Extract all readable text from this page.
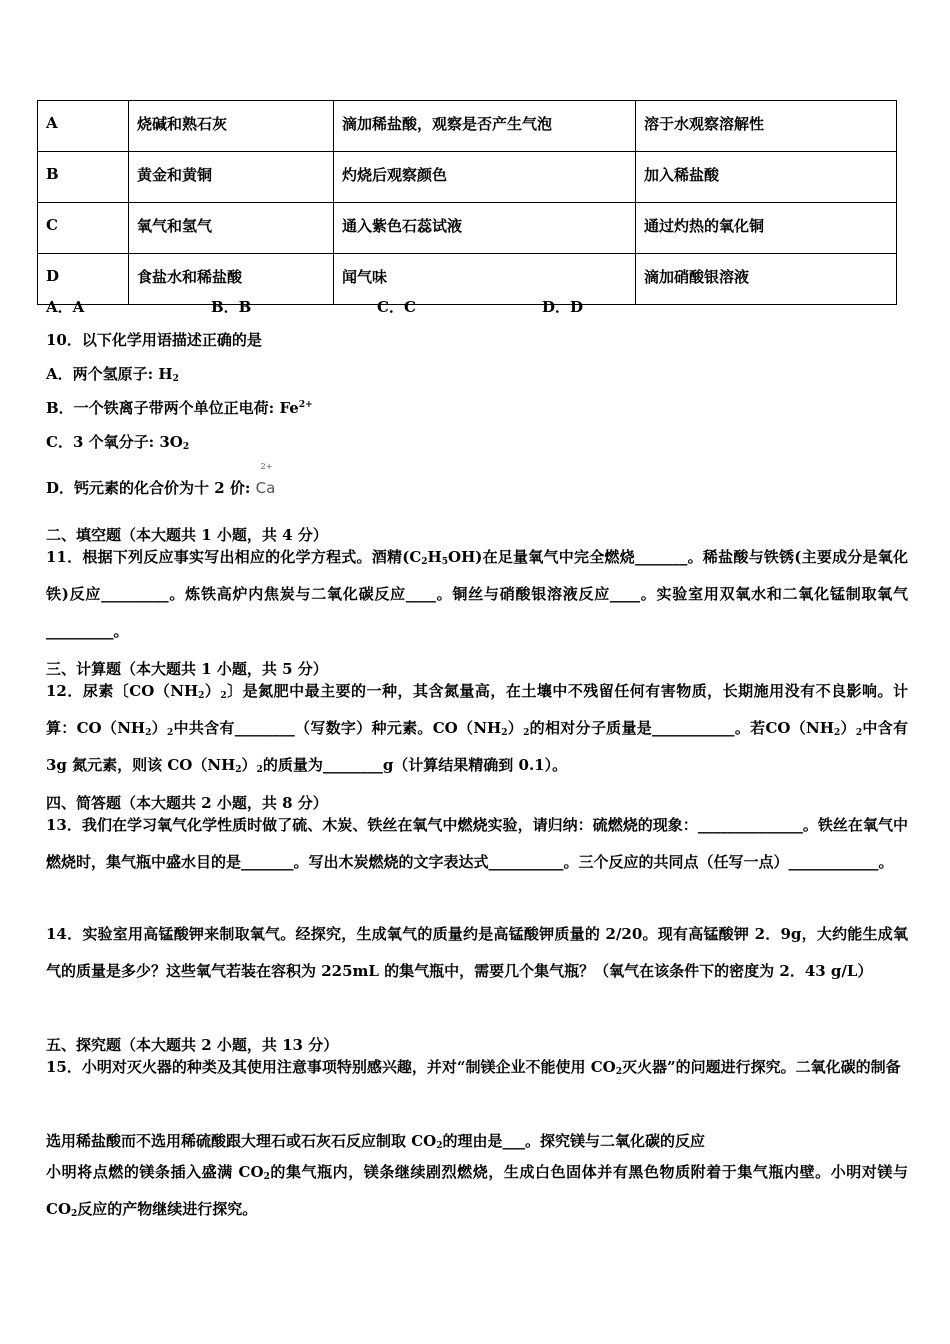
A	烧碱和熟石灰	滴加稀盐酸，观察是否产生气泡	溶于水观察溶解性
B	黄金和黄铜	灼烧后观察颜色	加入稀盐酸
C	氧气和氢气	通入紫色石蕊试液	通过灼热的氧化铜
D	食盐水和稀盐酸	闻气味	滴加硝酸银溶液
A．A	B．B	C．C	D．D
10．以下化学用语描述正确的是
A．两个氢原子: $H_2$
B．一个铁离子带两个单位正电荷: $Fe^{2+}$
C．3 个氧分子: $3O_2$
D．钙元素的化合价为十 2 价:
2+
Ca
二、填空题（本大题共 1 小题，共 4 分）
11．根据下列反应事实写出相应的化学方程式。酒精$(C_2H_5OH)$在足量氧气中完全燃烧_______。稀盐酸与铁锈(主要成分是氧化铁)反应_________。炼铁高炉内焦炭与二氧化碳反应____。铜丝与硝酸银溶液反应____。实验室用双氧水和二氧化锰制取氧气_________。
三、计算题（本大题共 1 小题，共 5 分）
12．尿素〔$CO(NH_2)_2$〕是氮肥中最主要的一种，其含氮量高，在土壤中不残留任何有害物质，长期施用没有不良影响。计算：$CO(NH_2)_2$中共含有________（写数字）种元素。$CO(NH_2)_2$的相对分子质量是___________。若$CO(NH_2)_2$中含有 3g 氮元素，则该 $CO(NH_2)_2$的质量为________g（计算结果精确到 0.1）。
四、简答题（本大题共 2 小题，共 8 分）
13．我们在学习氧气化学性质时做了硫、木炭、铁丝在氧气中燃烧实验，请归纳：硫燃烧的现象：______________。铁丝在氧气中燃烧时，集气瓶中盛水目的是_______。写出木炭燃烧的文字表达式__________。三个反应的共同点（任写一点）____________。
14．实验室用高锰酸钾来制取氧气。经探究，生成氧气的质量约是高锰酸钾质量的 2/20。现有高锰酸钾 2．9g，大约能生成氧气的质量是多少？这些氧气若装在容积为 225mL 的集气瓶中，需要几个集气瓶？（氧气在该条件下的密度为 2．43 g/L）
五、探究题（本大题共 2 小题，共 13 分）
15．小明对灭火器的种类及其使用注意事项特别感兴趣，并对“制镁企业不能使用 $CO_2$灭火器”的问题进行探究。二氧化碳的制备
选用稀盐酸而不选用稀硫酸跟大理石或石灰石反应制取 $CO_2$的理由是___。探究镁与二氧化碳的反应
小明将点燃的镁条插入盛满 $CO_2$的集气瓶内，镁条继续剧烈燃烧，生成白色固体并有黑色物质附着于集气瓶内壁。小明对镁与 $CO_2$反应的产物继续进行探究。
